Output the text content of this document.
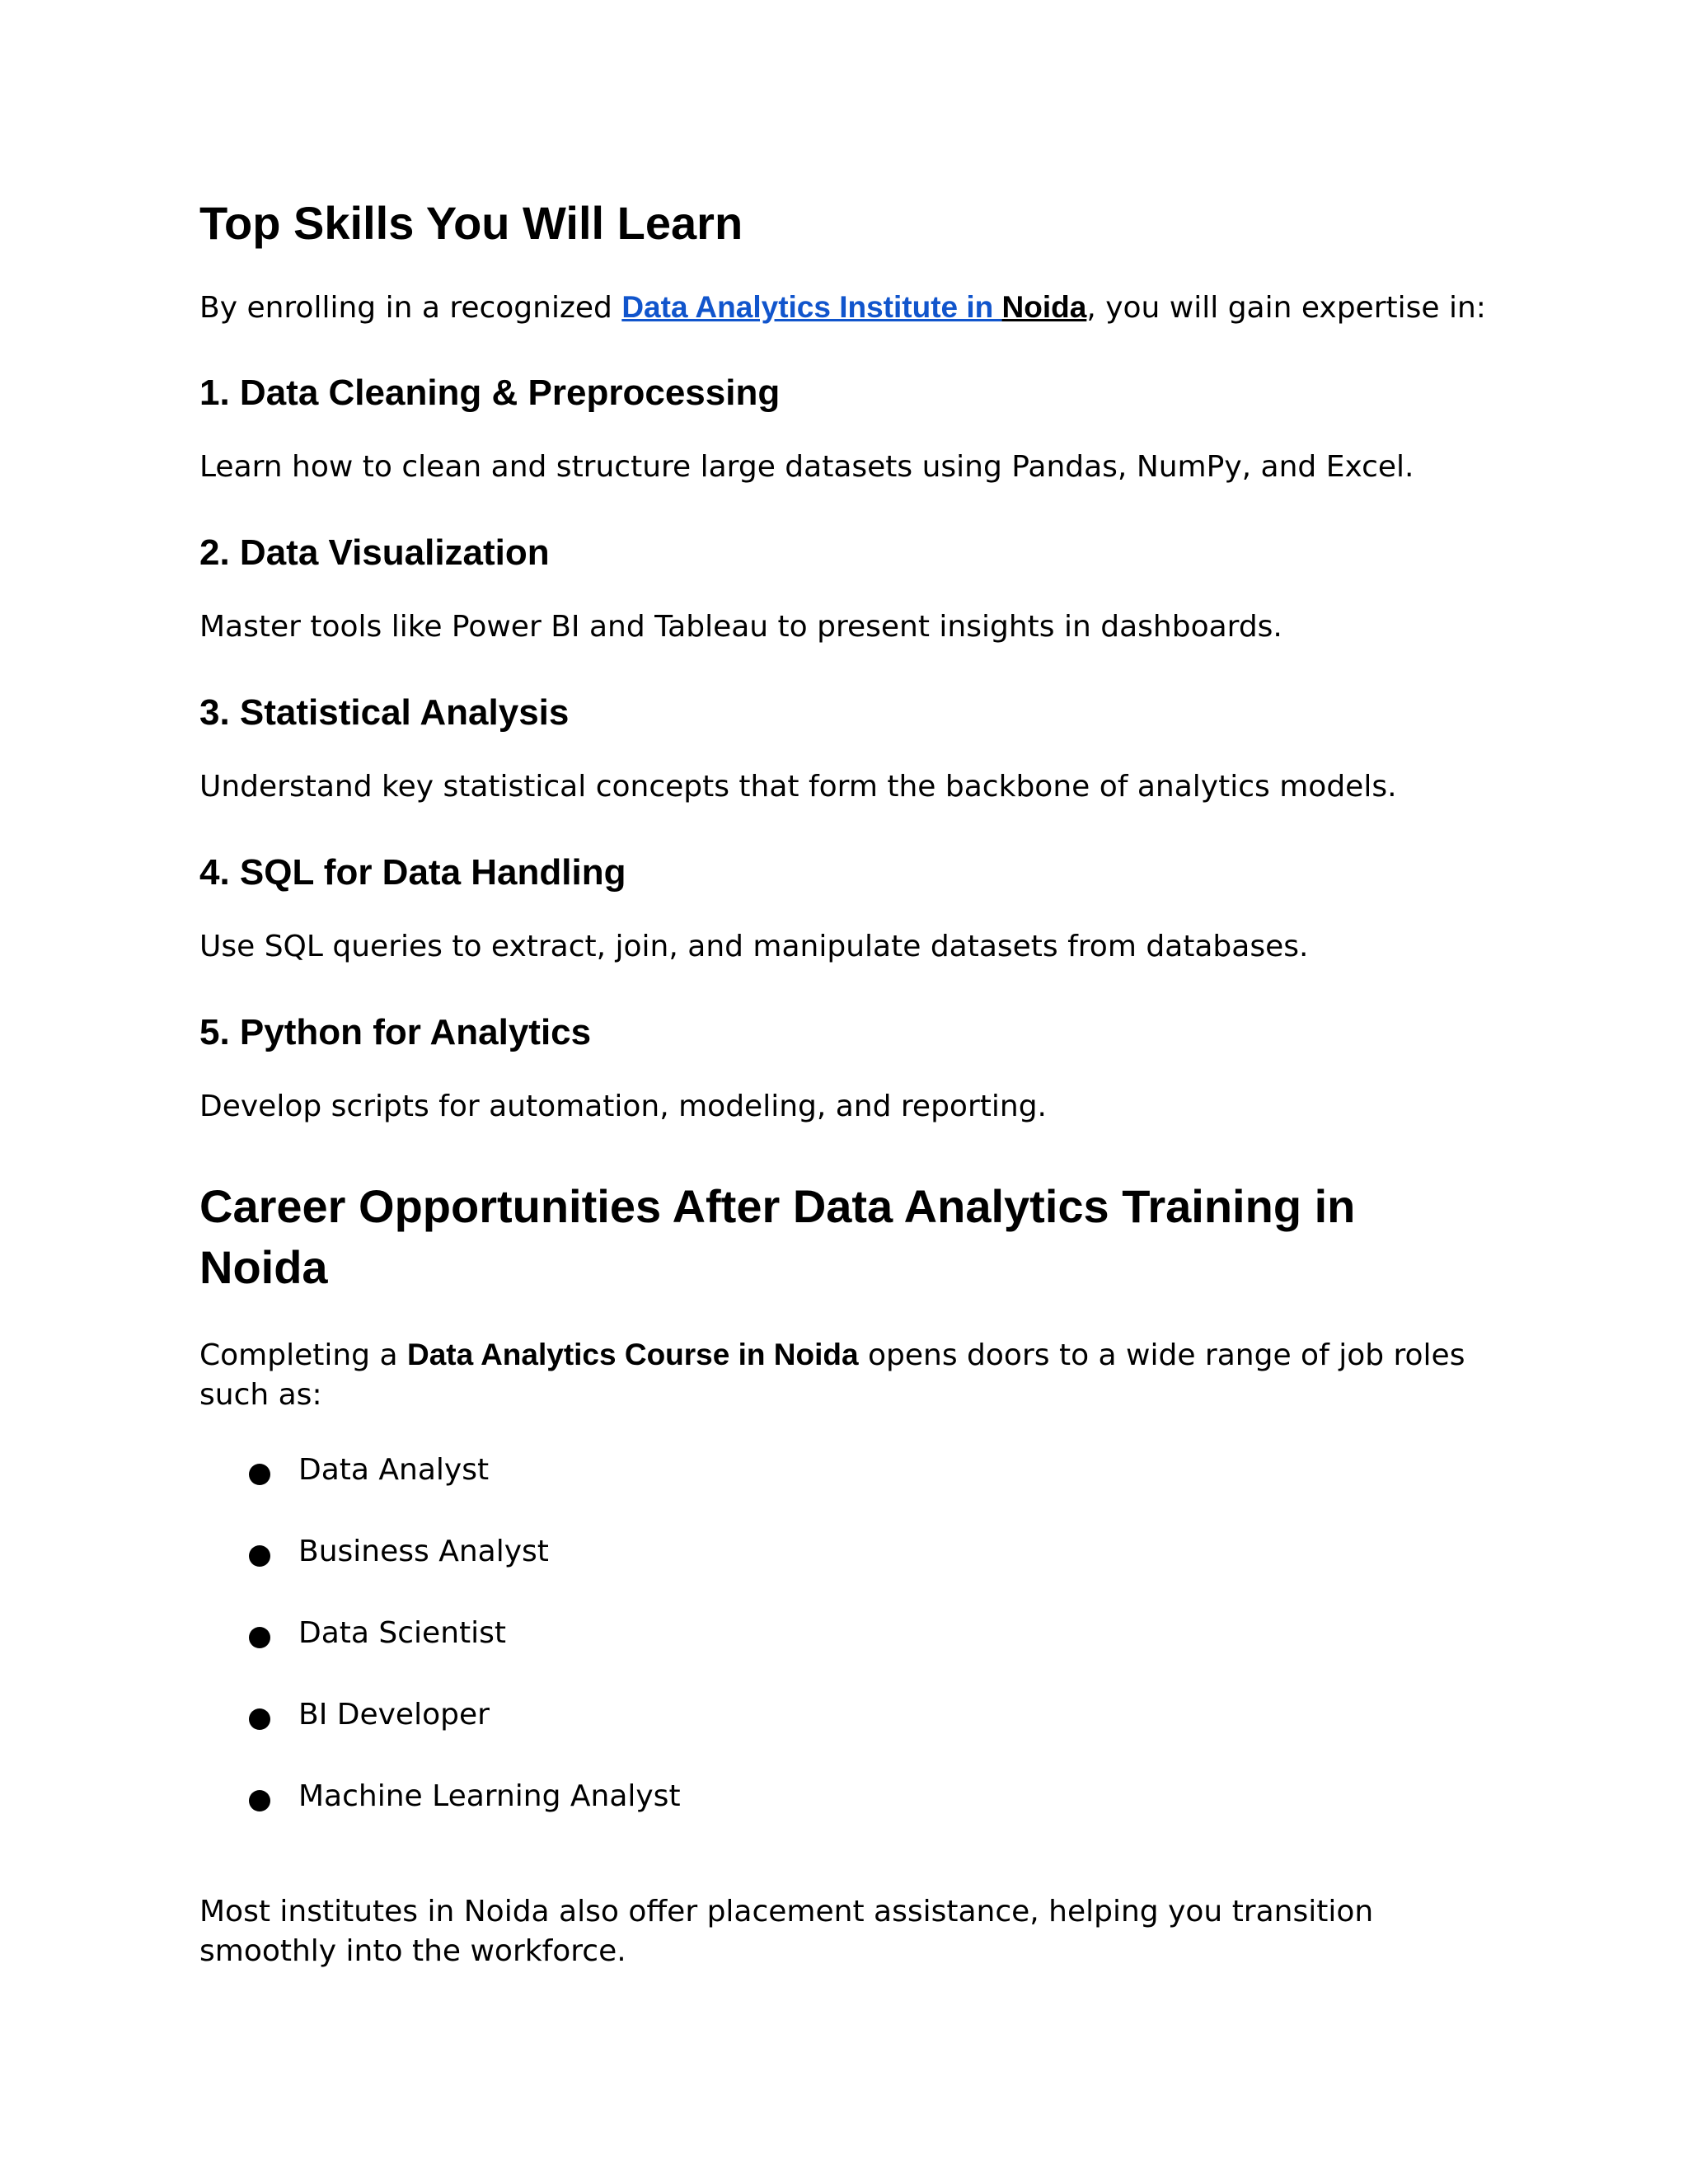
Top Skills You Will Learn

By enrolling in a recognized Data Analytics Institute in Noida, you will gain expertise in:

1. Data Cleaning & Preprocessing

Learn how to clean and structure large datasets using Pandas, NumPy, and Excel.

2. Data Visualization

Master tools like Power BI and Tableau to present insights in dashboards.

3. Statistical Analysis

Understand key statistical concepts that form the backbone of analytics models.

4. SQL for Data Handling

Use SQL queries to extract, join, and manipulate datasets from databases.

5. Python for Analytics

Develop scripts for automation, modeling, and reporting.

Career Opportunities After Data Analytics Training in Noida

Completing a Data Analytics Course in Noida opens doors to a wide range of job roles such as:

Data Analyst
Business Analyst
Data Scientist
BI Developer
Machine Learning Analyst

Most institutes in Noida also offer placement assistance, helping you transition smoothly into the workforce.
